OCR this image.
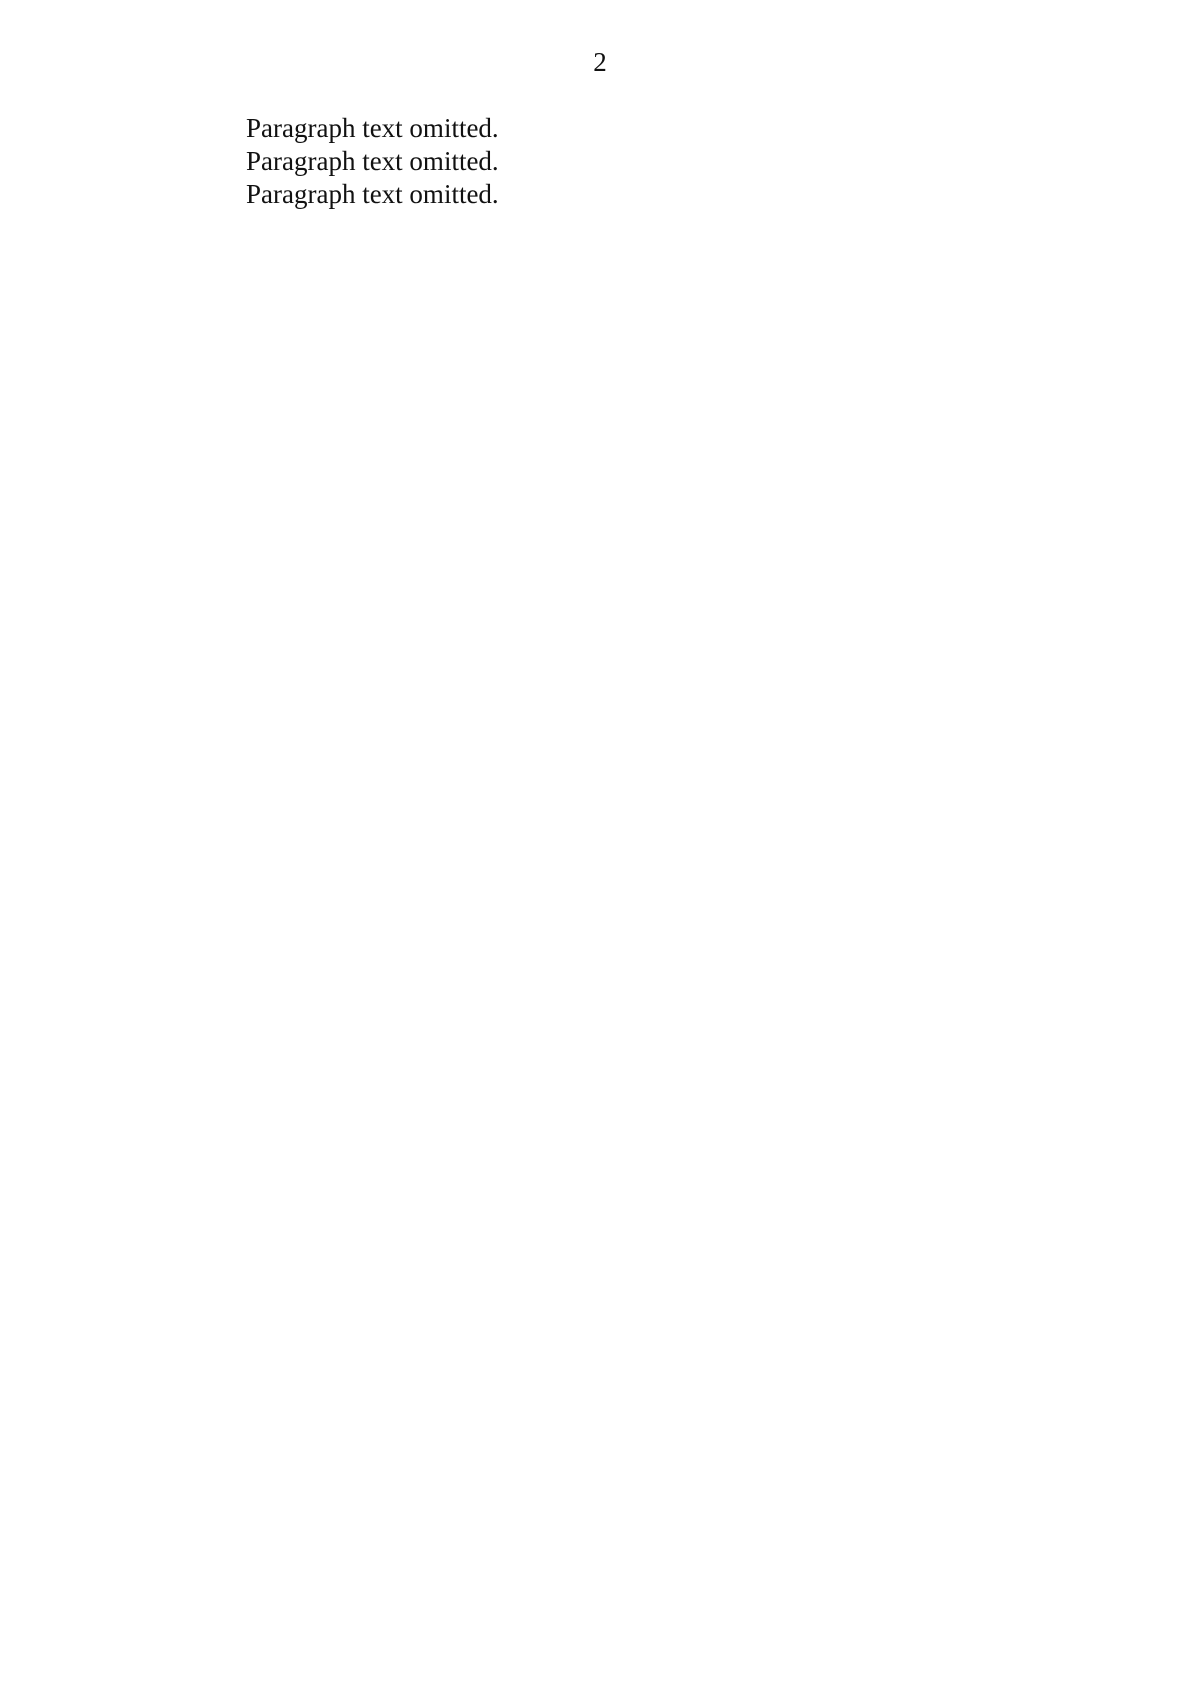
2

Paragraph text omitted.

Paragraph text omitted.

Paragraph text omitted.
